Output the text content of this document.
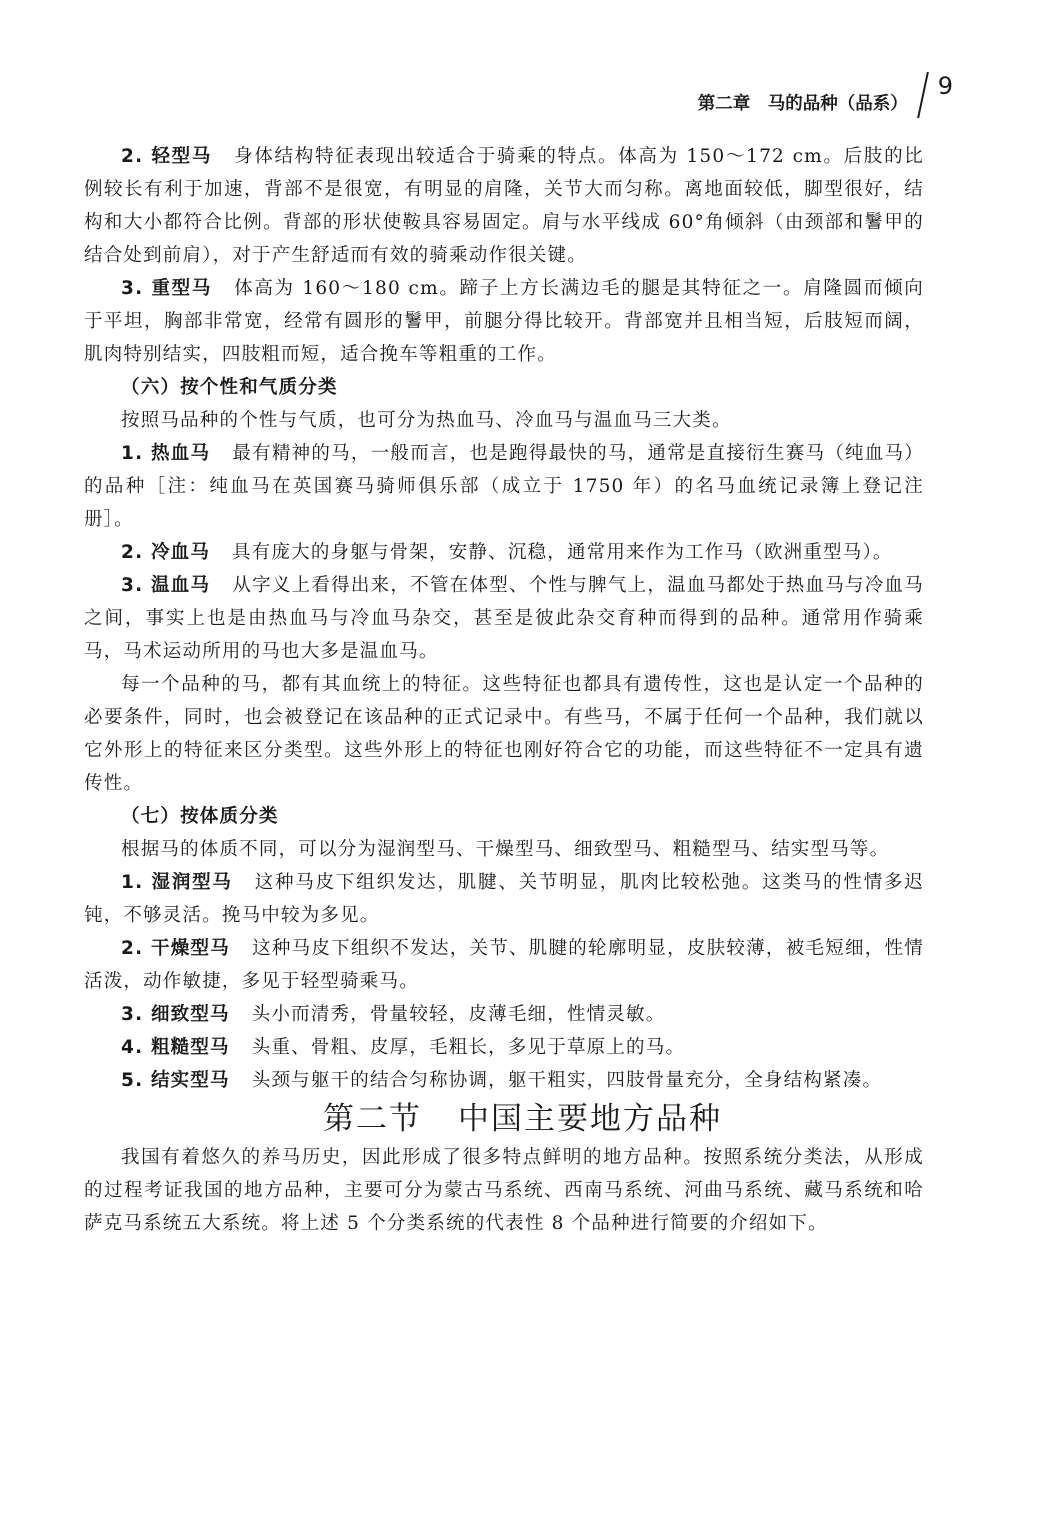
第二章　马的品种（品系）
9

2. 轻型马 身体结构特征表现出较适合于骑乘的特点。体高为 150～172 cm。后肢的比例较长有利于加速，背部不是很宽，有明显的肩隆，关节大而匀称。离地面较低，脚型很好，结构和大小都符合比例。背部的形状使鞍具容易固定。肩与水平线成 60°角倾斜（由颈部和鬐甲的结合处到前肩），对于产生舒适而有效的骑乘动作很关键。

3. 重型马 体高为 160～180 cm。蹄子上方长满边毛的腿是其特征之一。肩隆圆而倾向于平坦，胸部非常宽，经常有圆形的鬐甲，前腿分得比较开。背部宽并且相当短，后肢短而阔，肌肉特别结实，四肢粗而短，适合挽车等粗重的工作。

（六）按个性和气质分类

按照马品种的个性与气质，也可分为热血马、冷血马与温血马三大类。

1. 热血马 最有精神的马，一般而言，也是跑得最快的马，通常是直接衍生赛马（纯血马）的品种［注：纯血马在英国赛马骑师俱乐部（成立于 1750 年）的名马血统记录簿上登记注册］。

2. 冷血马 具有庞大的身躯与骨架，安静、沉稳，通常用来作为工作马（欧洲重型马）。

3. 温血马 从字义上看得出来，不管在体型、个性与脾气上，温血马都处于热血马与冷血马之间，事实上也是由热血马与冷血马杂交，甚至是彼此杂交育种而得到的品种。通常用作骑乘马，马术运动所用的马也大多是温血马。

每一个品种的马，都有其血统上的特征。这些特征也都具有遗传性，这也是认定一个品种的必要条件，同时，也会被登记在该品种的正式记录中。有些马，不属于任何一个品种，我们就以它外形上的特征来区分类型。这些外形上的特征也刚好符合它的功能，而这些特征不一定具有遗传性。

（七）按体质分类

根据马的体质不同，可以分为湿润型马、干燥型马、细致型马、粗糙型马、结实型马等。

1. 湿润型马 这种马皮下组织发达，肌腱、关节明显，肌肉比较松弛。这类马的性情多迟钝，不够灵活。挽马中较为多见。

2. 干燥型马 这种马皮下组织不发达，关节、肌腱的轮廓明显，皮肤较薄，被毛短细，性情活泼，动作敏捷，多见于轻型骑乘马。

3. 细致型马 头小而清秀，骨量较轻，皮薄毛细，性情灵敏。

4. 粗糙型马 头重、骨粗、皮厚，毛粗长，多见于草原上的马。

5. 结实型马 头颈与躯干的结合匀称协调，躯干粗实，四肢骨量充分，全身结构紧凑。

第二节 中国主要地方品种

我国有着悠久的养马历史，因此形成了很多特点鲜明的地方品种。按照系统分类法，从形成的过程考证我国的地方品种，主要可分为蒙古马系统、西南马系统、河曲马系统、藏马系统和哈萨克马系统五大系统。将上述 5 个分类系统的代表性 8 个品种进行简要的介绍如下。
